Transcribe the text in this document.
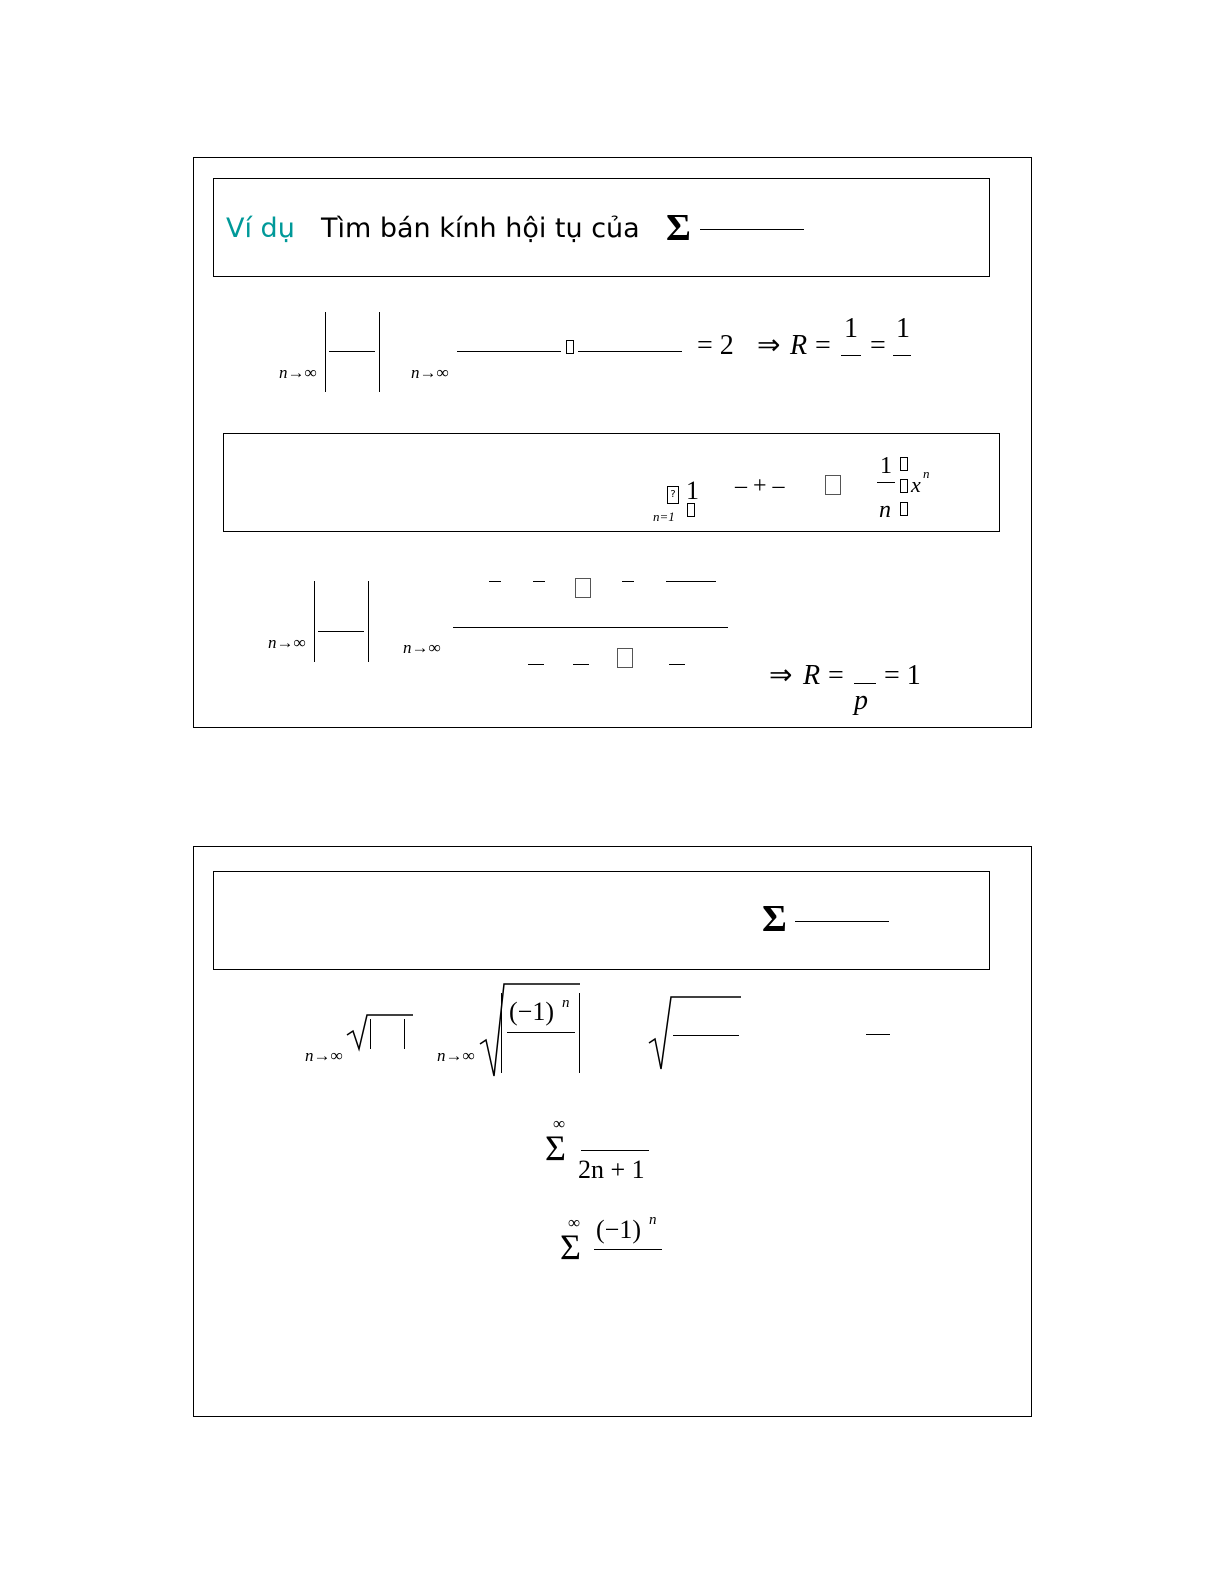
Ví dụ Tìm bán kính hội tụ của Σ
n→∞	n→∞
= 2 ⇒ R =
1
=
1
?
n=1
1 – + –
1
n
x n
n→∞	n→∞
⇒ R =
p
= 1
Σ
n→∞	n→∞
(−1) n
∞
Σ
2n + 1
∞
Σ (−1) n
